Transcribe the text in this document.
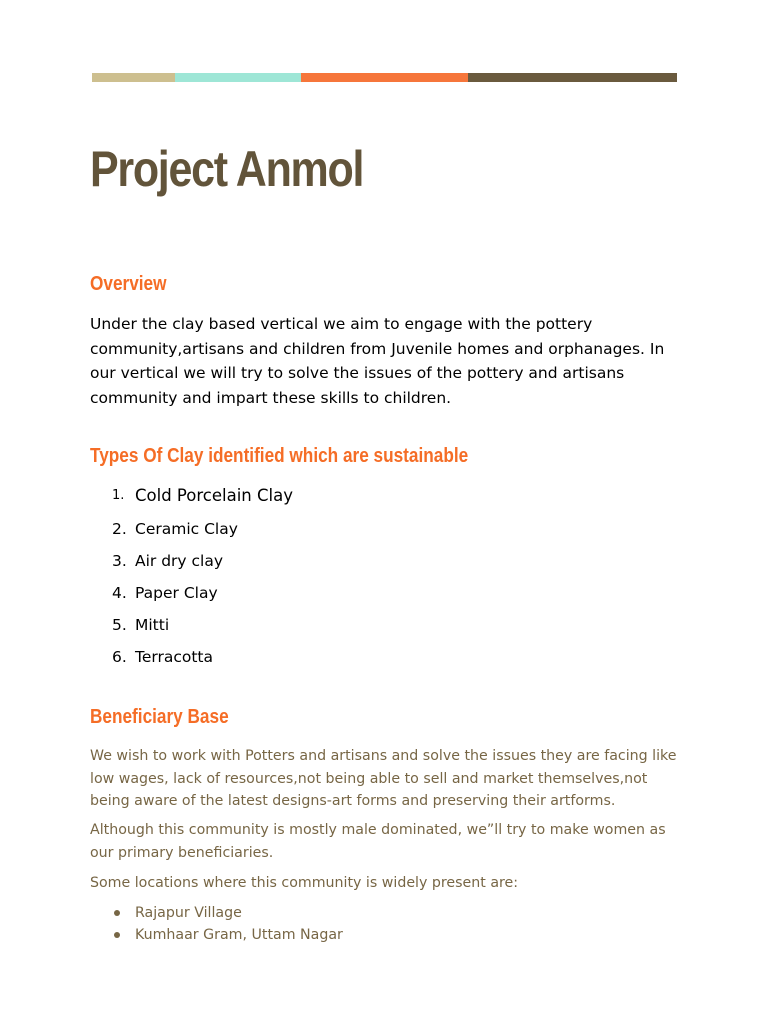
Project Anmol
Overview

Under the clay based vertical we aim to engage with the pottery community,artisans and children from Juvenile homes and orphanages. In our vertical we will try to solve the issues of the pottery and artisans community and impart these skills to children.

Types Of Clay identified which are sustainable
1. Cold Porcelain Clay
2. Ceramic Clay
3. Air dry clay
4. Paper Clay
5. Mitti
6. Terracotta
Beneficiary Base

We wish to work with Potters and artisans and solve the issues they are facing like low wages, lack of resources,not being able to sell and market themselves,not being aware of the latest designs-art forms and preserving their artforms.

Although this community is mostly male dominated, we”ll try to make women as our primary beneficiaries.

Some locations where this community is widely present are:

Rajapur Village
Kumhaar Gram, Uttam Nagar
